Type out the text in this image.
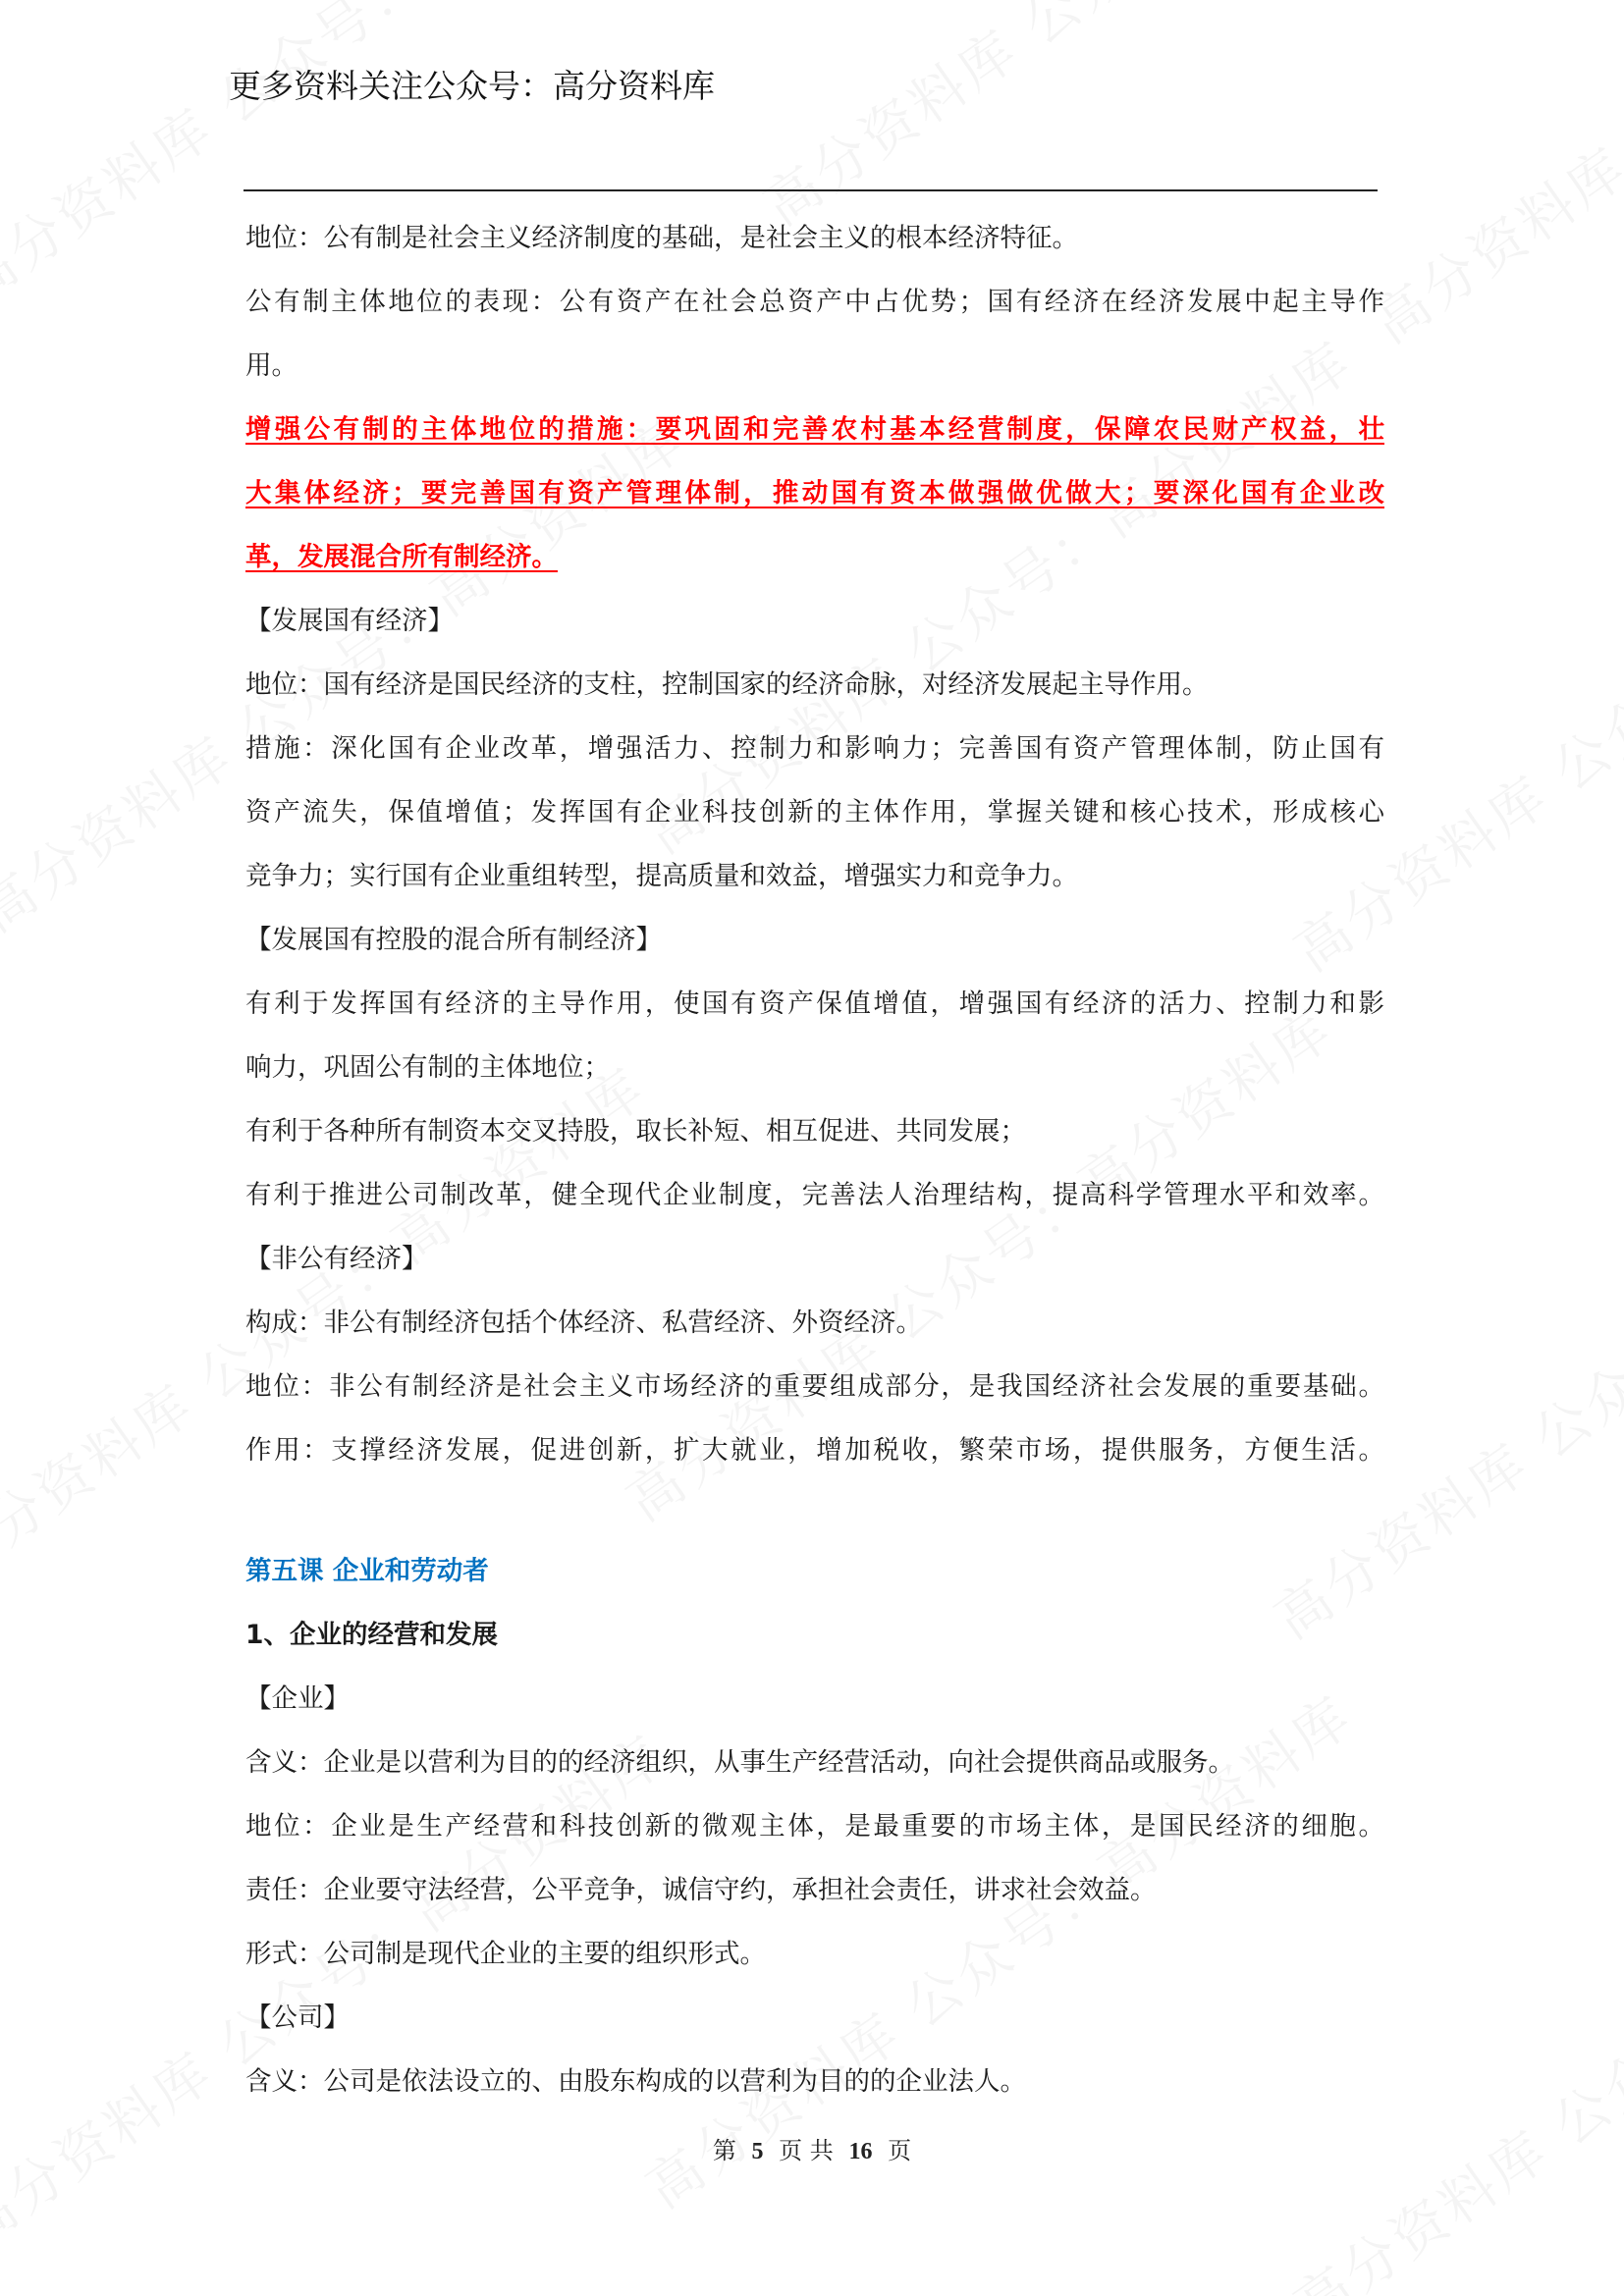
更多资料关注公众号：高分资料库
地位：公有制是社会主义经济制度的基础，是社会主义的根本经济特征。
公有制主体地位的表现：公有资产在社会总资产中占优势；国有经济在经济发展中起主导作
用。
增强公有制的主体地位的措施：要巩固和完善农村基本经营制度，保障农民财产权益，壮
大集体经济；要完善国有资产管理体制，推动国有资本做强做优做大；要深化国有企业改
革，发展混合所有制经济。
【发展国有经济】
地位：国有经济是国民经济的支柱，控制国家的经济命脉，对经济发展起主导作用。
措施：深化国有企业改革，增强活力、控制力和影响力；完善国有资产管理体制，防止国有
资产流失，保值增值；发挥国有企业科技创新的主体作用，掌握关键和核心技术，形成核心
竞争力；实行国有企业重组转型，提高质量和效益，增强实力和竞争力。
【发展国有控股的混合所有制经济】
有利于发挥国有经济的主导作用，使国有资产保值增值，增强国有经济的活力、控制力和影
响力，巩固公有制的主体地位；
有利于各种所有制资本交叉持股，取长补短、相互促进、共同发展；
有利于推进公司制改革，健全现代企业制度，完善法人治理结构，提高科学管理水平和效率。
【非公有经济】
构成：非公有制经济包括个体经济、私营经济、外资经济。
地位：非公有制经济是社会主义市场经济的重要组成部分，是我国经济社会发展的重要基础。
作用：支撑经济发展，促进创新，扩大就业，增加税收，繁荣市场，提供服务，方便生活。
第五课 企业和劳动者
1、企业的经营和发展
【企业】
含义：企业是以营利为目的的经济组织，从事生产经营活动，向社会提供商品或服务。
地位：企业是生产经营和科技创新的微观主体，是最重要的市场主体，是国民经济的细胞。
责任：企业要守法经营，公平竞争，诚信守约，承担社会责任，讲求社会效益。
形式：公司制是现代企业的主要的组织形式。
【公司】
含义：公司是依法设立的、由股东构成的以营利为目的的企业法人。
第 5 页 共 16 页
